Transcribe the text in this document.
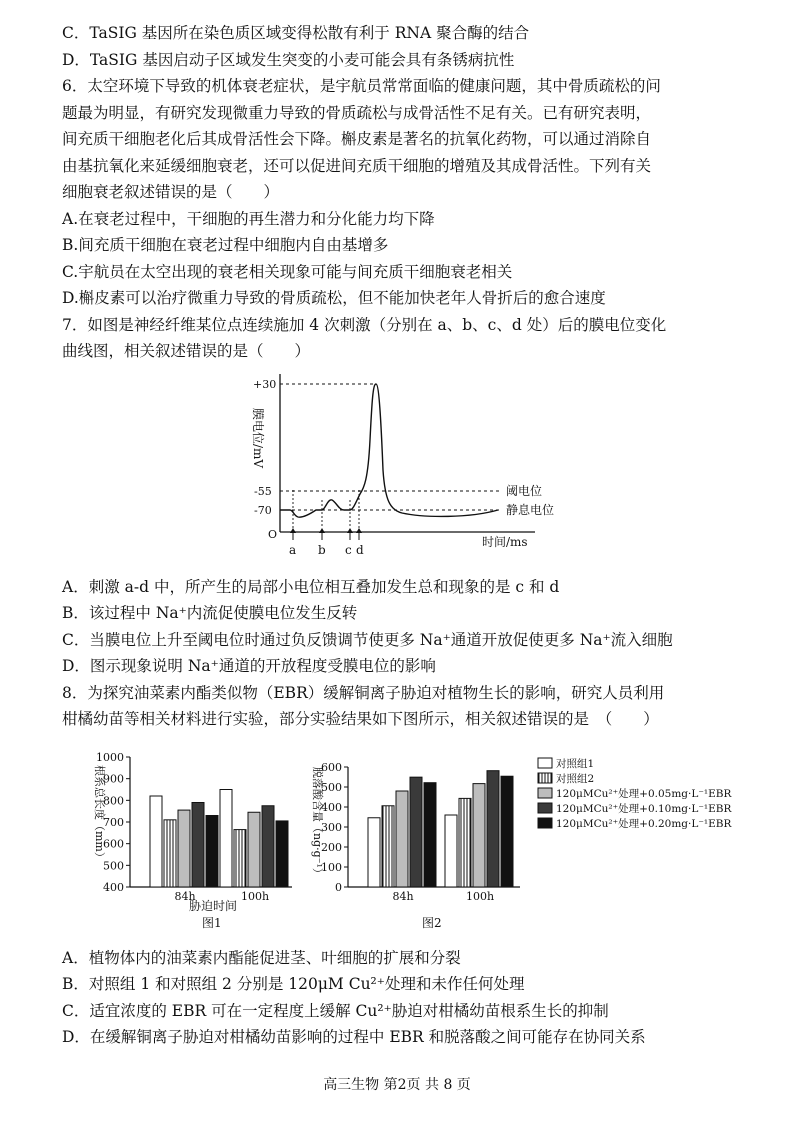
C．TaSIG 基因所在染色质区域变得松散有利于 RNA 聚合酶的结合
D．TaSIG 基因启动子区域发生突变的小麦可能会具有条锈病抗性
6．太空环境下导致的机体衰老症状，是宇航员常常面临的健康问题，其中骨质疏松的问
题最为明显，有研究发现微重力导致的骨质疏松与成骨活性不足有关。已有研究表明，
间充质干细胞老化后其成骨活性会下降。槲皮素是著名的抗氧化药物，可以通过消除自
由基抗氧化来延缓细胞衰老，还可以促进间充质干细胞的增殖及其成骨活性。下列有关
细胞衰老叙述错误的是（　　）
A.在衰老过程中，干细胞的再生潜力和分化能力均下降
B.间充质干细胞在衰老过程中细胞内自由基增多
C.宇航员在太空出现的衰老相关现象可能与间充质干细胞衰老相关
D.槲皮素可以治疗微重力导致的骨质疏松，但不能加快老年人骨折后的愈合速度
7．如图是神经纤维某位点连续施加 4 次刺激（分别在 a、b、c、d 处）后的膜电位变化
曲线图，相关叙述错误的是（　　）
O
膜电位/mV
+30
-55
-70
阈电位
静息电位
a b c d
时间/ms
A．刺激 a-d 中，所产生的局部小电位相互叠加发生总和现象的是 c 和 d
B．该过程中 Na⁺内流促使膜电位发生反转
C．当膜电位上升至阈电位时通过负反馈调节使更多 Na⁺通道开放促使更多 Na⁺流入细胞
D．图示现象说明 Na⁺通道的开放程度受膜电位的影响
8．为探究油菜素内酯类似物（EBR）缓解铜离子胁迫对植物生长的影响，研究人员利用
柑橘幼苗等相关材料进行实验，部分实验结果如下图所示，相关叙述错误的是　（　　）
根系总长度（mm）
胁迫时间
图1
1000
900
800
700
600
500
400
84h	100h
脱落酸含量（ng·g⁻¹）
图2
600
500
400
300
200
100
0
84h	100h
对照组1
对照组2
120μMCu²⁺处理+0.05mg·L⁻¹EBR
120μMCu²⁺处理+0.10mg·L⁻¹EBR
120μMCu²⁺处理+0.20mg·L⁻¹EBR
A．植物体内的油菜素内酯能促进茎、叶细胞的扩展和分裂
B．对照组 1 和对照组 2 分别是 120μM Cu²⁺处理和未作任何处理
C．适宜浓度的 EBR 可在一定程度上缓解 Cu²⁺胁迫对柑橘幼苗根系生长的抑制
D．在缓解铜离子胁迫对柑橘幼苗影响的过程中 EBR 和脱落酸之间可能存在协同关系
高三生物 第2页 共 8 页
